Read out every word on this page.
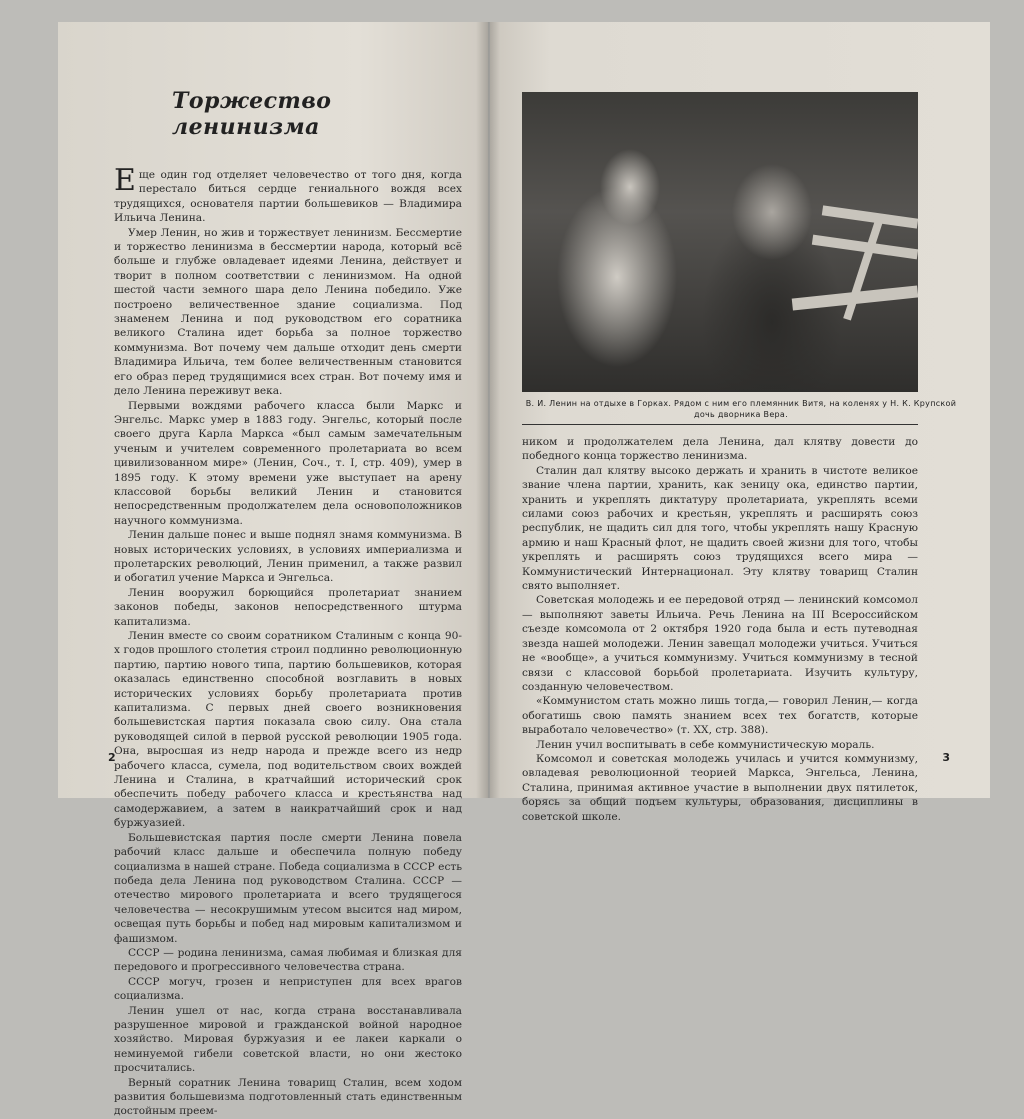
Торжество ленинизма

Еще один год отделяет человечество от того дня, когда перестало биться сердце гениального вождя всех трудящихся, основателя партии большевиков — Владимира Ильича Ленина.

Умер Ленин, но жив и торжествует ленинизм. Бессмертие и торжество ленинизма в бессмертии народа, который всё больше и глубже овладевает идеями Ленина, действует и творит в полном соответствии с ленинизмом. На одной шестой части земного шара дело Ленина победило. Уже построено величественное здание социализма. Под знаменем Ленина и под руководством его соратника великого Сталина идет борьба за полное торжество коммунизма. Вот почему чем дальше отходит день смерти Владимира Ильича, тем более величественным становится его образ перед трудящимися всех стран. Вот почему имя и дело Ленина переживут века.

Первыми вождями рабочего класса были Маркс и Энгельс. Маркс умер в 1883 году. Энгельс, который после своего друга Карла Маркса «был самым замечательным ученым и учителем современного пролетариата во всем цивилизованном мире» (Ленин, Соч., т. I, стр. 409), умер в 1895 году. К этому времени уже выступает на арену классовой борьбы великий Ленин и становится непосредственным продолжателем дела основоположников научного коммунизма.

Ленин дальше понес и выше поднял знамя коммунизма. В новых исторических условиях, в условиях империализма и пролетарских революций, Ленин применил, а также развил и обогатил учение Маркса и Энгельса.

Ленин вооружил борющийся пролетариат знанием законов победы, законов непосредственного штурма капитализма.

Ленин вместе со своим соратником Сталиным с конца 90-х годов прошлого столетия строил подлинно революционную партию, партию нового типа, партию большевиков, которая оказалась единственно способной возглавить в новых исторических условиях борьбу пролетариата против капитализма. С первых дней своего возникновения большевистская партия показала свою силу. Она стала руководящей силой в первой русской революции 1905 года. Она, выросшая из недр народа и прежде всего из недр рабочего класса, сумела, под водительством своих вождей Ленина и Сталина, в кратчайший исторический срок обеспечить победу рабочего класса и крестьянства над самодержавием, а затем в наикратчайший срок и над буржуазией.

Большевистская партия после смерти Ленина повела рабочий класс дальше и обеспечила полную победу социализма в нашей стране. Победа социализма в СССР есть победа дела Ленина под руководством Сталина. СССР — отечество мирового пролетариата и всего трудящегося человечества — несокрушимым утесом высится над миром, освещая путь борьбы и побед над мировым капитализмом и фашизмом.

СССР — родина ленинизма, самая любимая и близкая для передового и прогрессивного человечества страна.

СССР могуч, грозен и неприступен для всех врагов социализма.

Ленин ушел от нас, когда страна восстанавливала разрушенное мировой и гражданской войной народное хозяйство. Мировая буржуазия и ее лакеи каркали о неминуемой гибели советской власти, но они жестоко просчитались.

Верный соратник Ленина товарищ Сталин, всем ходом развития большевизма подготовленный стать единственным достойным преем-

2
В. И. Ленин на отдыхе в Горках. Рядом с ним его племянник Витя, на коленях у Н. К. Крупской дочь дворника Вера.

ником и продолжателем дела Ленина, дал клятву довести до победного конца торжество ленинизма.

Сталин дал клятву высоко держать и хранить в чистоте великое звание члена партии, хранить, как зеницу ока, единство партии, хранить и укреплять диктатуру пролетариата, укреплять всеми силами союз рабочих и крестьян, укреплять и расширять союз республик, не щадить сил для того, чтобы укреплять нашу Красную армию и наш Красный флот, не щадить своей жизни для того, чтобы укреплять и расширять союз трудящихся всего мира — Коммунистический Интернационал. Эту клятву товарищ Сталин свято выполняет.

Советская молодежь и ее передовой отряд — ленинский комсомол — выполняют заветы Ильича. Речь Ленина на III Всероссийском съезде комсомола от 2 октября 1920 года была и есть путеводная звезда нашей молодежи. Ленин завещал молодежи учиться. Учиться не «вообще», а учиться коммунизму. Учиться коммунизму в тесной связи с классовой борьбой пролетариата. Изучить культуру, созданную человечеством.

«Коммунистом стать можно лишь тогда,— говорил Ленин,— когда обогатишь свою память знанием всех тех богатств, которые выработало человечество» (т. XX, стр. 388).

Ленин учил воспитывать в себе коммунистическую мораль.

Комсомол и советская молодежь училась и учится коммунизму, овладевая революционной теорией Маркса, Энгельса, Ленина, Сталина, принимая активное участие в выполнении двух пятилеток, борясь за общий подъем культуры, образования, дисциплины в советской школе.

3
